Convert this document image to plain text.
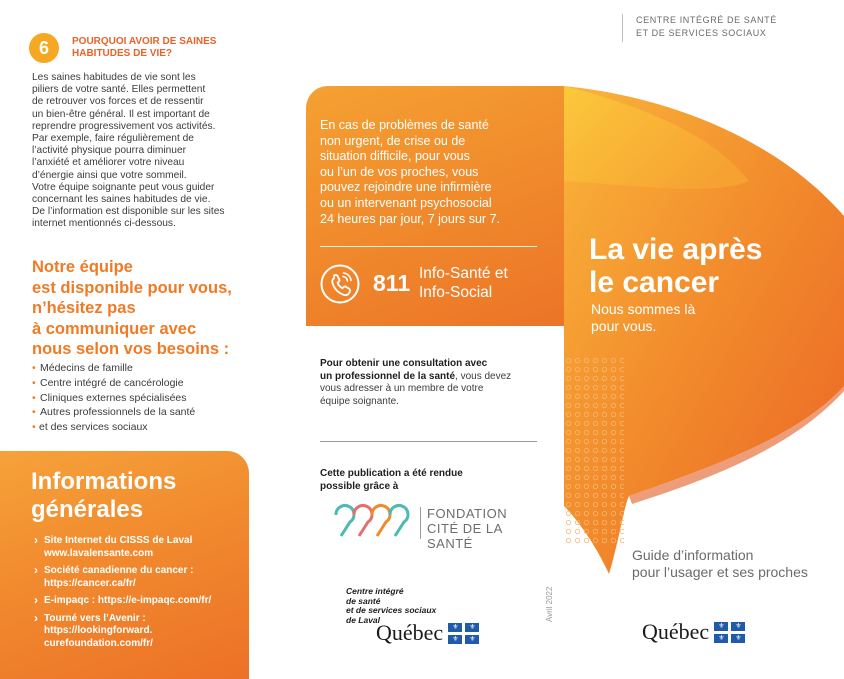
6	POURQUOI AVOIR DE SAINES HABITUDES DE VIE?
Les saines habitudes de vie sont les
piliers de votre santé. Elles permettent
de retrouver vos forces et de ressentir
un bien-être général. Il est important de
reprendre progressivement vos activités.
Par exemple, faire régulièrement de
l’activité physique pourra diminuer
l’anxiété et améliorer votre niveau
d’énergie ainsi que votre sommeil.
Votre équipe soignante peut vous guider
concernant les saines habitudes de vie.
De l’information est disponible sur les sites
internet mentionnés ci-dessous.
Notre équipe
est disponible pour vous,
n’hésitez pas
à communiquer avec
nous selon vos besoins :
• Médecins de famille
• Centre intégré de cancérologie
• Cliniques externes spécialisées
• Autres professionnels de la santé
• et des services sociaux
Informations
générales
› Site Internet du CISSS de Laval
www.lavalensante.com
› Société canadienne du cancer :
https://cancer.ca/fr/
› E-impaqc : https://e-impaqc.com/fr/
› Tourné vers l’Avenir :
https://lookingforward.
curefoundation.com/fr/
En cas de problèmes de santé
non urgent, de crise ou de
situation difficile, pour vous
ou l’un de vos proches, vous
pouvez rejoindre une infirmière
ou un intervenant psychosocial
24 heures par jour, 7 jours sur 7.
811 Info-Santé et
Info-Social
Pour obtenir une consultation avec
un professionnel de la santé, vous devez
vous adresser à un membre de votre
équipe soignante.
Cette publication a été rendue
possible grâce à
FONDATION
CITÉ DE LA SANTÉ
Centre intégré
de santé
et de services sociaux
de Laval
Québec ⚜ ⚜
⚜ ⚜
Avril 2022
CENTRE INTÉGRÉ DE SANTÉ
ET DE SERVICES SOCIAUX
La vie après
le cancer
Nous sommes là
pour vous.
Guide d’information
pour l’usager et ses proches
Québec ⚜ ⚜
⚜ ⚜
